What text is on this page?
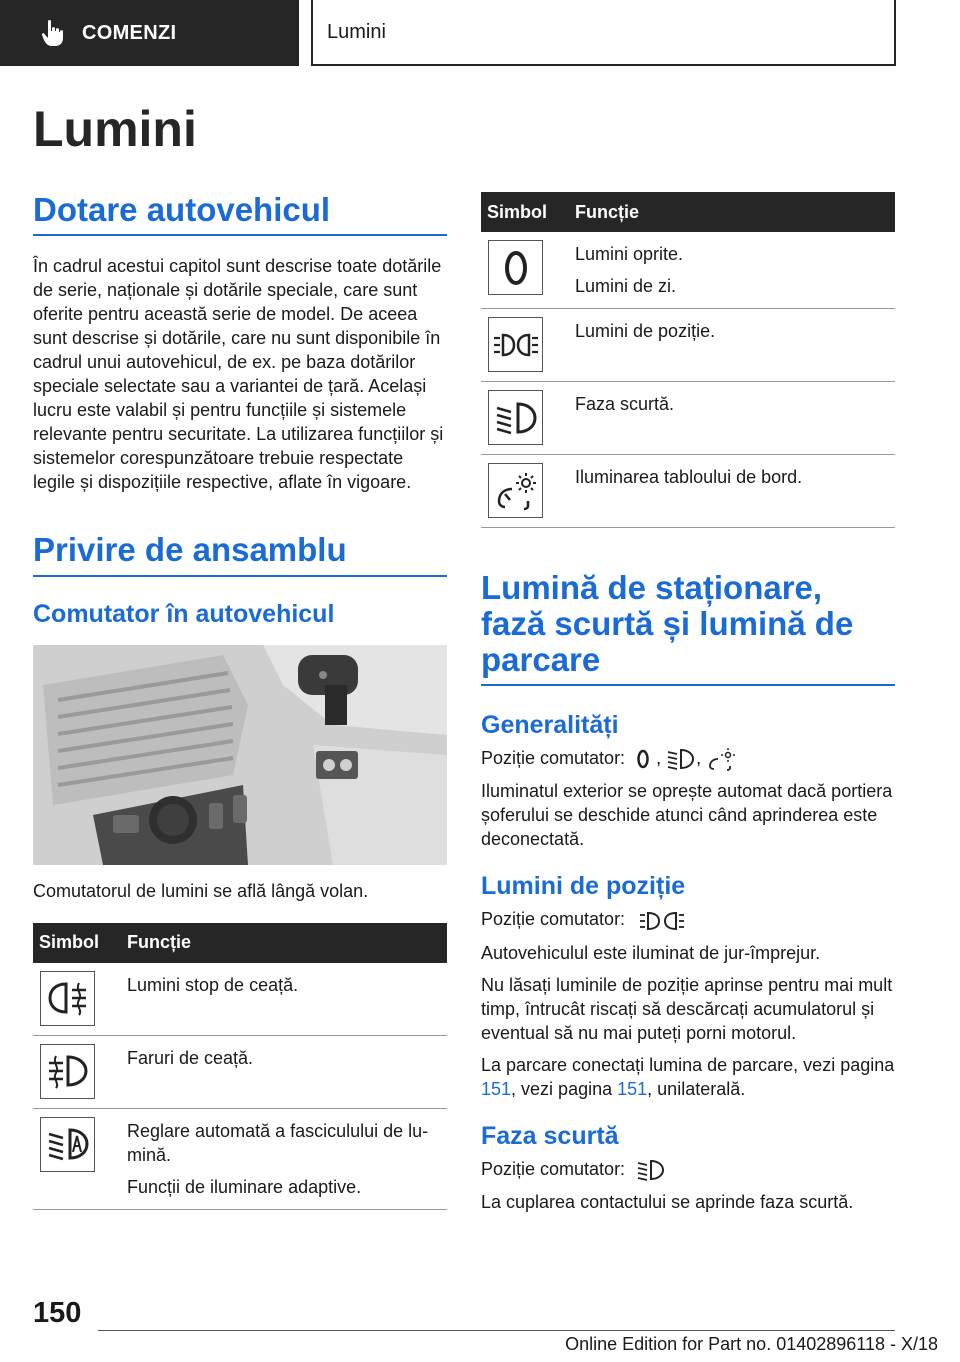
COMENZI	Lumini
Lumini
Dotare autovehicul
În cadrul acestui capitol sunt descrise toate dotările de serie, naționale și dotările speciale, care sunt oferite pentru această serie de model. De aceea sunt descrise și dotările, care nu sunt disponibile în cadrul unui autovehicul, de ex. pe baza dotărilor speciale selectate sau a variantei de țară. Același lucru este valabil și pentru funcțiile și sistemele relevante pentru securitate. La utilizarea funcțiilor și sistemelor corespunzătoare trebuie respectate legile și dispozițiile respective, aflate în vigoare.
Privire de ansamblu
Comutator în autovehicul
Comutatorul de lumini se află lângă volan.
Simbol	Funcție

Lumini stop de ceață.

Faruri de ceață.

Reglare automată a fasciculului de lumină.
Funcții de iluminare adaptive.
Simbol	Funcție

Lumini oprite.
Lumini de zi.

Lumini de poziție.

Faza scurtă.

Iluminarea tabloului de bord.
Lumină de staționare, fază scurtă și lumină de parcare
Generalități
Poziție comutator: , ,
Iluminatul exterior se oprește automat dacă portiera șoferului se deschide atunci când aprinderea este deconectată.
Lumini de poziție
Poziție comutator:
Autovehiculul este iluminat de jur-împrejur.
Nu lăsați luminile de poziție aprinse pentru mai mult timp, întrucât riscați să descărcați acumulatorul și eventual să nu mai puteți porni motorul.
La parcare conectați lumina de parcare, vezi pagina 151, vezi pagina 151, unilaterală.
Faza scurtă
Poziție comutator:
La cuplarea contactului se aprinde faza scurtă.
150
Online Edition for Part no. 01402896118 - X/18
